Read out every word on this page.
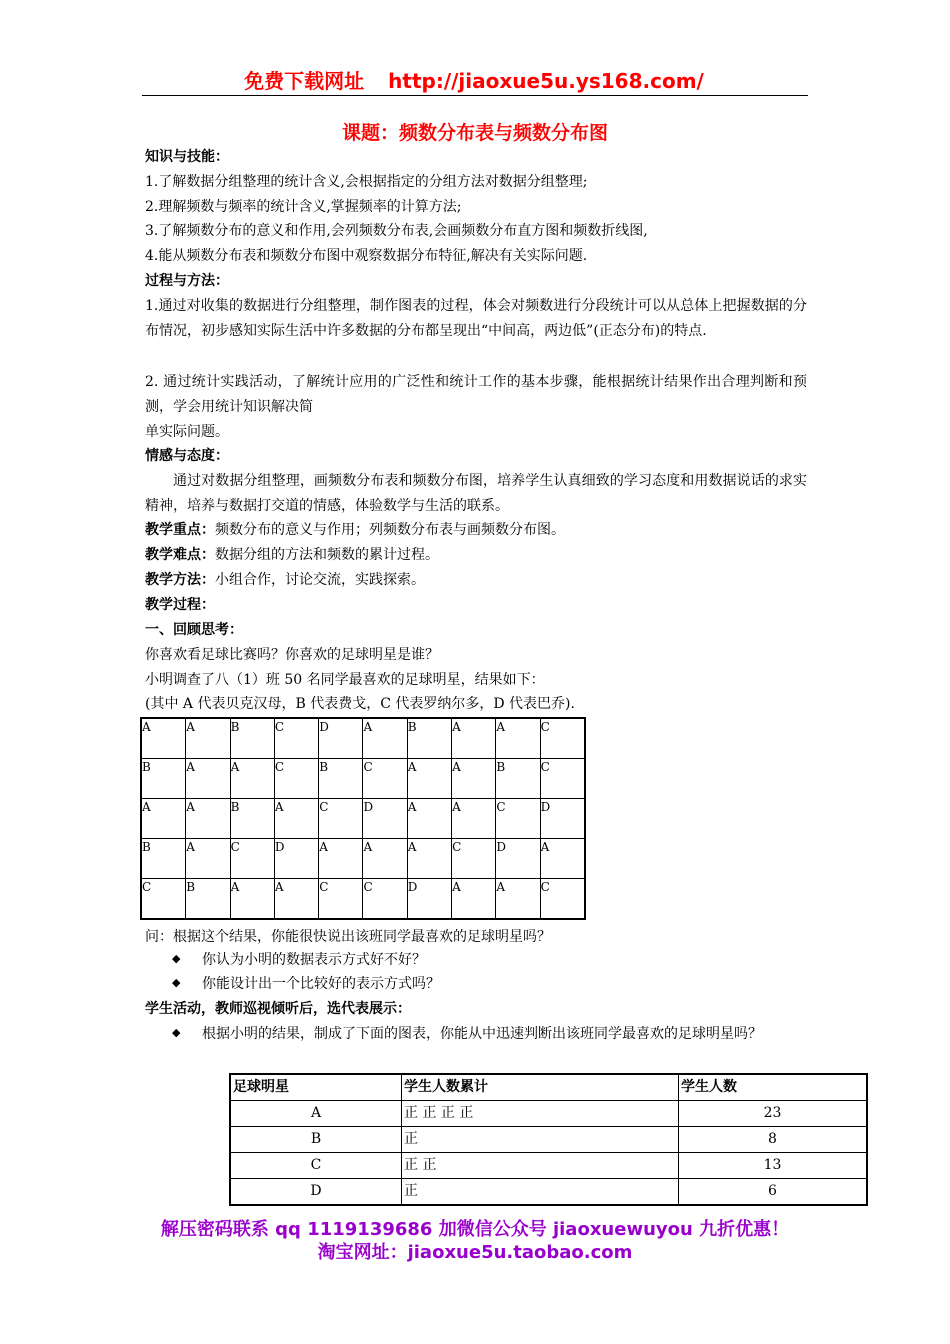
免费下载网址 http://jiaoxue5u.ys168.com/
课题：频数分布表与频数分布图
知识与技能：
1.了解数据分组整理的统计含义,会根据指定的分组方法对数据分组整理;
2.理解频数与频率的统计含义,掌握频率的计算方法;
3.了解频数分布的意义和作用,会列频数分布表,会画频数分布直方图和频数折线图,
4.能从频数分布表和频数分布图中观察数据分布特征,解决有关实际问题.
过程与方法：
1.通过对收集的数据进行分组整理，制作图表的过程，体会对频数进行分段统计可以从总体上把握数据的分布情况，初步感知实际生活中许多数据的分布都呈现出“中间高，两边低”(正态分布)的特点.
2. 通过统计实践活动，了解统计应用的广泛性和统计工作的基本步骤，能根据统计结果作出合理判断和预测，学会用统计知识解决简
单实际问题。
情感与态度：
通过对数据分组整理，画频数分布表和频数分布图，培养学生认真细致的学习态度和用数据说话的求实精神，培养与数据打交道的情感，体验数学与生活的联系。
教学重点：频数分布的意义与作用；列频数分布表与画频数分布图。
教学难点：数据分组的方法和频数的累计过程。
教学方法：小组合作，讨论交流，实践探索。
教学过程：
一、回顾思考：
你喜欢看足球比赛吗？你喜欢的足球明星是谁？
小明调查了八（1）班 50 名同学最喜欢的足球明星，结果如下：
(其中 A 代表贝克汉母，B 代表费戈，C 代表罗纳尔多，D 代表巴乔).
A	A	B	C	D	A	B	A	A	C
B	A	A	C	B	C	A	A	B	C
A	A	B	A	C	D	A	A	C	D
B	A	C	D	A	A	A	C	D	A
C	B	A	A	C	C	D	A	A	C
问：根据这个结果，你能很快说出该班同学最喜欢的足球明星吗？
◆ 你认为小明的数据表示方式好不好？
◆ 你能设计出一个比较好的表示方式吗？
学生活动，教师巡视倾听后，选代表展示：
◆ 根据小明的结果，制成了下面的图表，你能从中迅速判断出该班同学最喜欢的足球明星吗？
足球明星	学生人数累计	学生人数
A	正 正 正 正	23
B	正	8
C	正 正	13
D	正	6
解压密码联系 qq 1119139686 加微信公众号 jiaoxuewuyou 九折优惠！
淘宝网址：jiaoxue5u.taobao.com
